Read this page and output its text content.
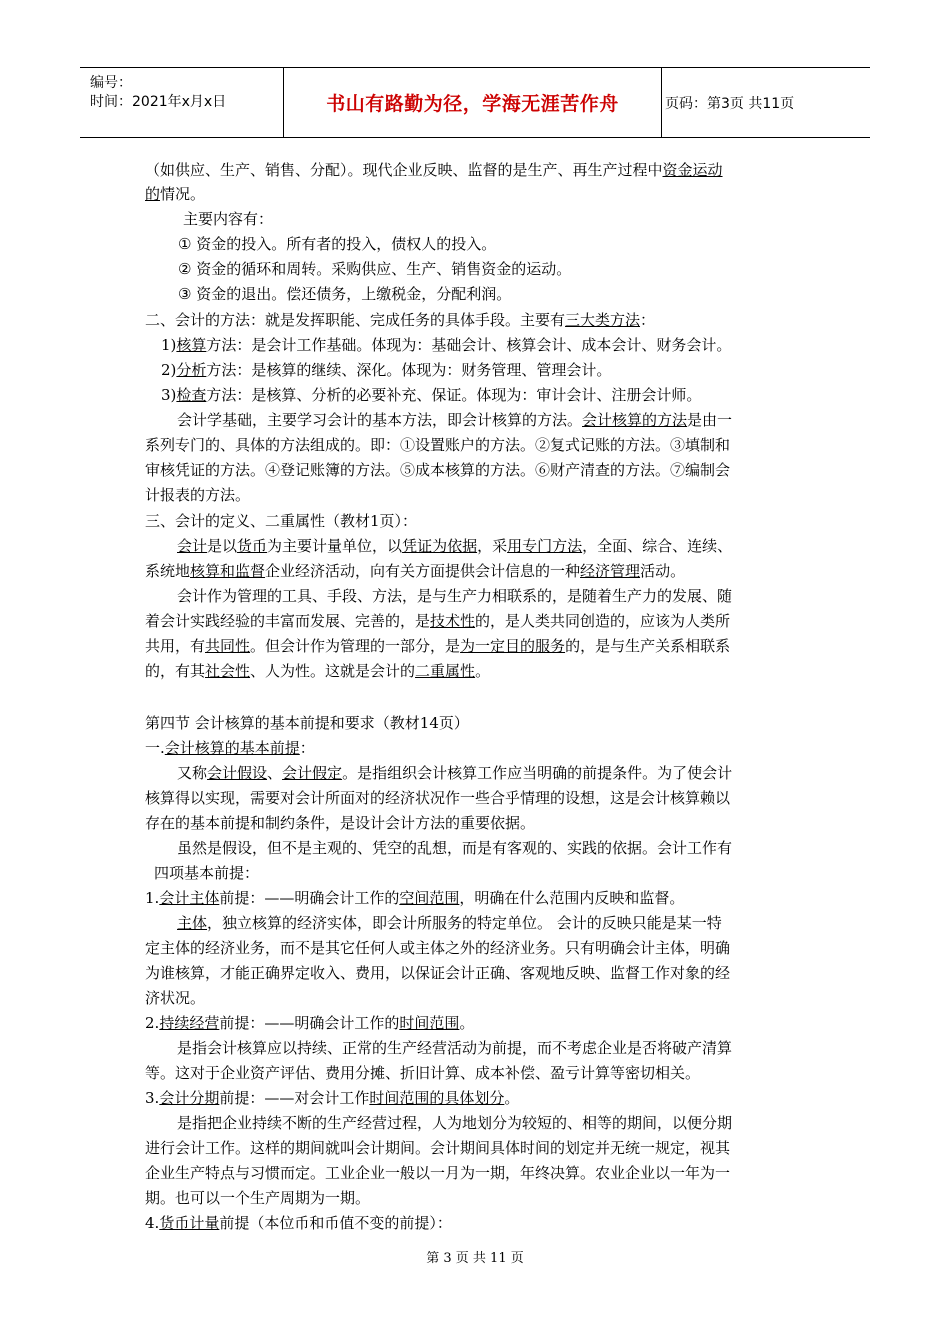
编号：
时间：2021年x月x日	书山有路勤为径，学海无涯苦作舟	页码：第3页 共11页
（如供应、生产、销售、分配）。现代企业反映、监督的是生产、再生产过程中资金运动
的情况。
主要内容有：
① 资金的投入。所有者的投入，债权人的投入。
② 资金的循环和周转。采购供应、生产、销售资金的运动。
③ 资金的退出。偿还债务，上缴税金，分配利润。
二、会计的方法：就是发挥职能、完成任务的具体手段。主要有三大类方法：
1)核算方法：是会计工作基础。体现为：基础会计、核算会计、成本会计、财务会计。
2)分析方法：是核算的继续、深化。体现为：财务管理、管理会计。
3)检查方法：是核算、分析的必要补充、保证。体现为：审计会计、注册会计师。
会计学基础，主要学习会计的基本方法，即会计核算的方法。会计核算的方法是由一
系列专门的、具体的方法组成的。即：①设置账户的方法。②复式记账的方法。③填制和
审核凭证的方法。④登记账簿的方法。⑤成本核算的方法。⑥财产清查的方法。⑦编制会
计报表的方法。
三、会计的定义、二重属性（教材1页）：
会计是以货币为主要计量单位，以凭证为依据，采用专门方法，全面、综合、连续、
系统地核算和监督企业经济活动，向有关方面提供会计信息的一种经济管理活动。
会计作为管理的工具、手段、方法，是与生产力相联系的，是随着生产力的发展、随
着会计实践经验的丰富而发展、完善的，是技术性的，是人类共同创造的，应该为人类所
共用，有共同性。但会计作为管理的一部分，是为一定目的服务的，是与生产关系相联系
的，有其社会性、人为性。这就是会计的二重属性。
第四节 会计核算的基本前提和要求（教材14页）
一.会计核算的基本前提：
又称会计假设、会计假定。是指组织会计核算工作应当明确的前提条件。为了使会计
核算得以实现，需要对会计所面对的经济状况作一些合乎情理的设想，这是会计核算赖以
存在的基本前提和制约条件，是设计会计方法的重要依据。
虽然是假设，但不是主观的、凭空的乱想，而是有客观的、实践的依据。会计工作有
四项基本前提：
1.会计主体前提：——明确会计工作的空间范围，明确在什么范围内反映和监督。
主体，独立核算的经济实体，即会计所服务的特定单位。 会计的反映只能是某一特
定主体的经济业务，而不是其它任何人或主体之外的经济业务。只有明确会计主体，明确
为谁核算，才能正确界定收入、费用，以保证会计正确、客观地反映、监督工作对象的经
济状况。
2.持续经营前提：——明确会计工作的时间范围。
是指会计核算应以持续、正常的生产经营活动为前提，而不考虑企业是否将破产清算
等。这对于企业资产评估、费用分摊、折旧计算、成本补偿、盈亏计算等密切相关。
3.会计分期前提：——对会计工作时间范围的具体划分。
是指把企业持续不断的生产经营过程，人为地划分为较短的、相等的期间，以便分期
进行会计工作。这样的期间就叫会计期间。会计期间具体时间的划定并无统一规定，视其
企业生产特点与习惯而定。工业企业一般以一月为一期，年终决算。农业企业以一年为一
期。也可以一个生产周期为一期。
4.货币计量前提（本位币和币值不变的前提）：
第 3 页 共 11 页
